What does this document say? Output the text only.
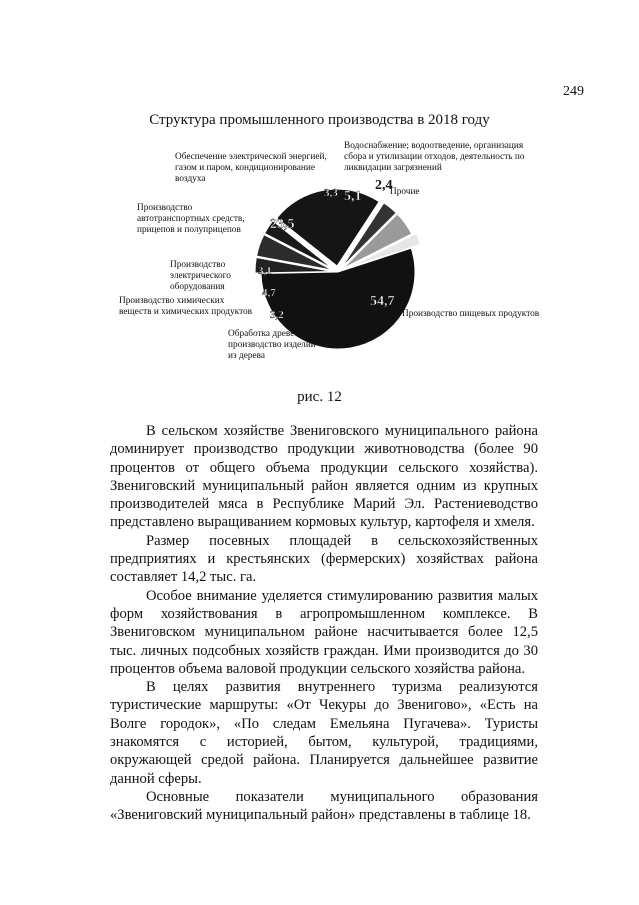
249
Структура промышленного производства в 2018 году
54,7
3,2
4,7
3,1
23,5
3,3 5,1
2,4
Обеспечение электрической энергией, газом и паром, кондиционирование воздуха
Водоснабжение; водоотведение, организация сбора и утилизации отходов, деятельность по ликвидации загрязнений
Прочие
Производство автотранспортных средств, прицепов и полуприцепов
Производство электрического оборудования
Производство химических веществ и химических продуктов
Обработка древесины и производство изделий из дерева
Производство пищевых продуктов
рис. 12

В сельском хозяйстве Звениговского муниципального района доминирует производство продукции животноводства (более 90 процентов от общего объема продукции сельского хозяйства). Звениговский муниципальный район является одним из крупных производителей мяса в Республике Марий Эл. Растениеводство представлено выращиванием кормовых культур, картофеля и хмеля.

Размер посевных площадей в сельскохозяйственных предприятиях и крестьянских (фермерских) хозяйствах района составляет 14,2 тыс. га.

Особое внимание уделяется стимулированию развития малых форм хозяйствования в агропромышленном комплексе. В Звениговском муниципальном районе насчитывается более 12,5 тыс. личных подсобных хозяйств граждан. Ими производится до 30 процентов объема валовой продукции сельского хозяйства района.

В целях развития внутреннего туризма реализуются туристические маршруты: «От Чекуры до Звенигово», «Есть на Волге городок», «По следам Емельяна Пугачева». Туристы знакомятся с историей, бытом, культурой, традициями, окружающей средой района. Планируется дальнейшее развитие данной сферы.

Основные показатели муниципального образования «Звениговский муниципальный район» представлены в таблице 18.
